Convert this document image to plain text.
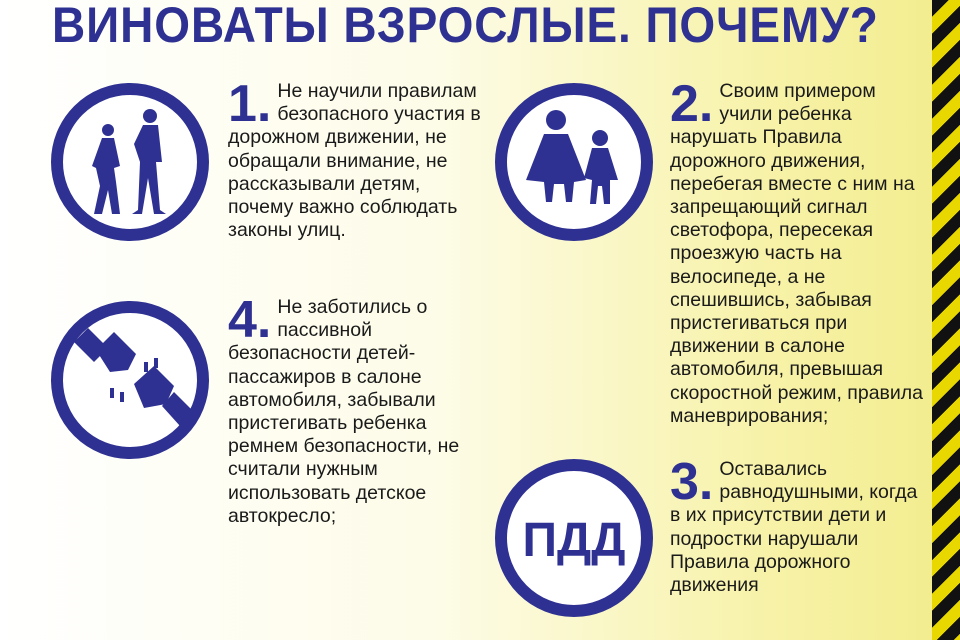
ВИНОВАТЫ ВЗРОСЛЫЕ. ПОЧЕМУ?
ПДД
1. Не научили правилам безопасного участия в дорожном движении, не обращали внимание, не рассказывали детям, почему важно соблюдать законы улиц.
2. Своим примером учили ребенка нарушать Правила дорожного движения, перебегая вместе с ним на запрещающий сигнал светофора, пересекая проезжую часть на велосипеде, а не спешившись, забывая пристегиваться при движении в салоне автомобиля, превышая скоростной режим, правила маневрирования;
4. Не заботились о пассивной безопасности детей-пассажиров в салоне автомобиля, забывали пристегивать ребенка ремнем безопасности, не считали нужным использовать детское автокресло;
3. Оставались равнодушными, когда в их присутствии дети и подростки нарушали Правила дорожного движения
